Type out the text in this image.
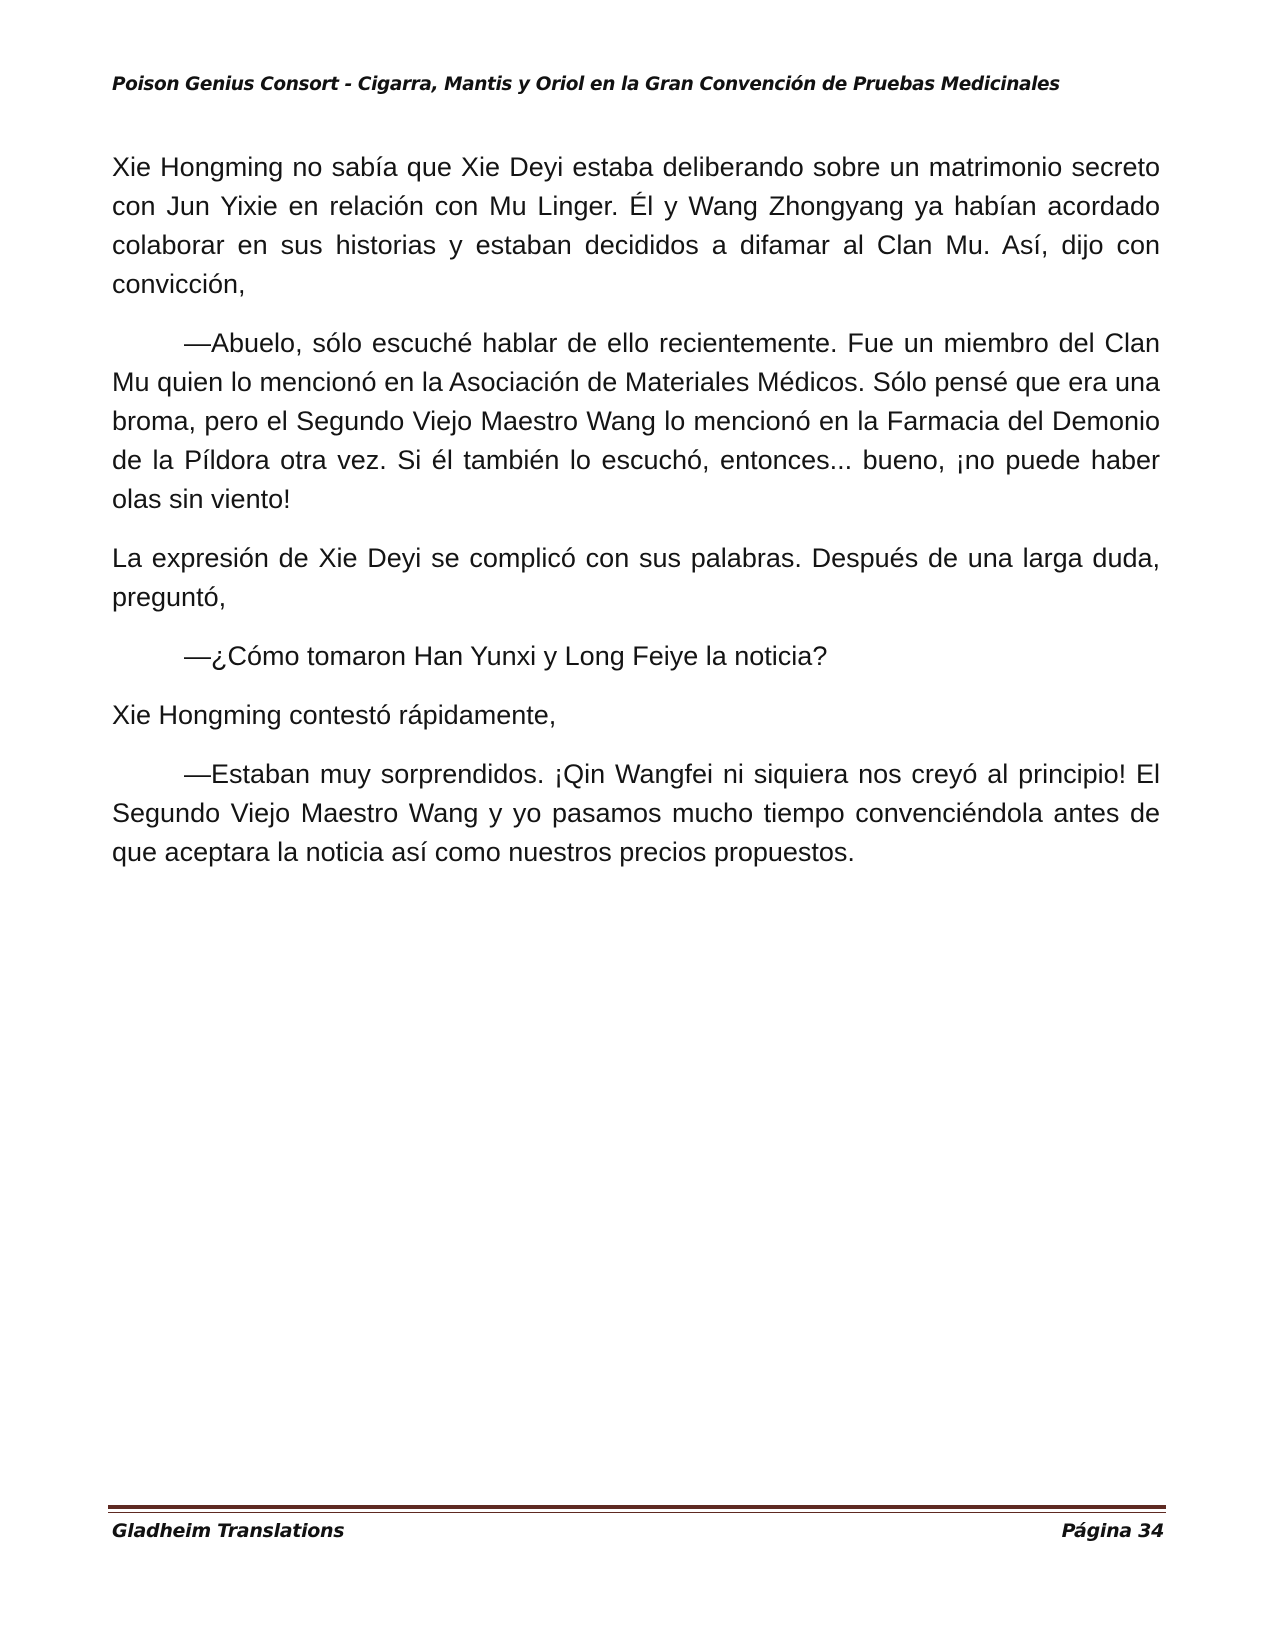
Poison Genius Consort - Cigarra, Mantis y Oriol en la Gran Convención de Pruebas Medicinales

Xie Hongming no sabía que Xie Deyi estaba deliberando sobre un matrimonio secreto con Jun Yixie en relación con Mu Linger. Él y Wang Zhongyang ya habían acordado colaborar en sus historias y estaban decididos a difamar al Clan Mu. Así, dijo con convicción,

—Abuelo, sólo escuché hablar de ello recientemente. Fue un miembro del Clan Mu quien lo mencionó en la Asociación de Materiales Médicos. Sólo pensé que era una broma, pero el Segundo Viejo Maestro Wang lo mencionó en la Farmacia del Demonio de la Píldora otra vez. Si él también lo escuchó, entonces... bueno, ¡no puede haber olas sin viento!

La expresión de Xie Deyi se complicó con sus palabras. Después de una larga duda, preguntó,

—¿Cómo tomaron Han Yunxi y Long Feiye la noticia?

Xie Hongming contestó rápidamente,

—Estaban muy sorprendidos. ¡Qin Wangfei ni siquiera nos creyó al principio! El Segundo Viejo Maestro Wang y yo pasamos mucho tiempo convenciéndola antes de que aceptara la noticia así como nuestros precios propuestos.

Gladheim Translations	Página 34
